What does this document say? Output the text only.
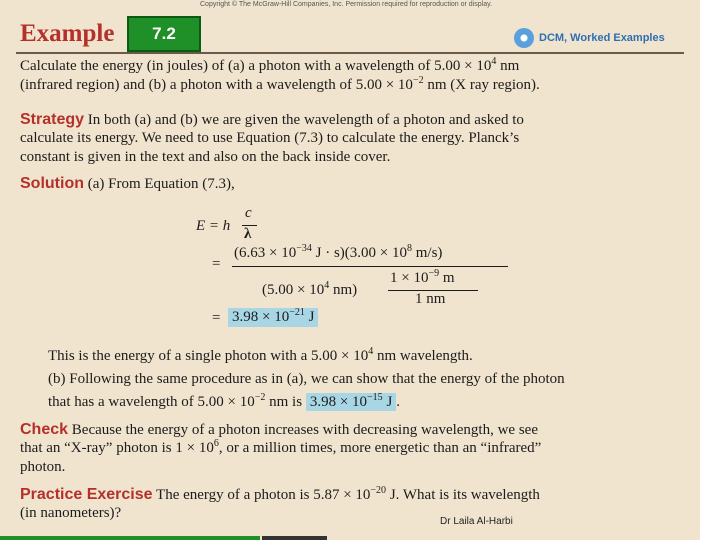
Copyright © The McGraw-Hill Companies, Inc. Permission required for reproduction or display.
Example	7.2	DCM, Worked Examples
Calculate the energy (in joules) of (a) a photon with a wavelength of $5.00 \times 10^4$ nm
(infrared region) and (b) a photon with a wavelength of $5.00 \times 10^{-2}$ nm (X ray region).
Strategy In both (a) and (b) we are given the wavelength of a photon and asked to
calculate its energy. We need to use Equation (7.3) to calculate the energy. Planck’s
constant is given in the text and also on the back inside cover.
Solution (a) From Equation (7.3),
E = h
c
λ
=
($6.63 \times 10^{-34}$ $J \cdot s)(3.00 \times 10^8$ m/s)
($5.00 \times 10^4$ nm)
$1 \times 10^{-9}$ m
1 nm
= $3.98 \times 10^{-21}$ J
This is the energy of a single photon with a $5.00 \times 10^4$ nm wavelength.
(b) Following the same procedure as in (a), we can show that the energy of the photon
that has a wavelength of $5.00 \times 10^{-2}$ nm is $3.98 \times 10^{-15}$ J .
Check Because the energy of a photon increases with decreasing wavelength, we see
that an “X-ray” photon is $1 \times 10^6$, or a million times, more energetic than an “infrared”
photon.
Practice Exercise The energy of a photon is $5.87 \times 10^{-20}$ J. What is its wavelength
(in nanometers)?
Dr Laila Al-Harbi
